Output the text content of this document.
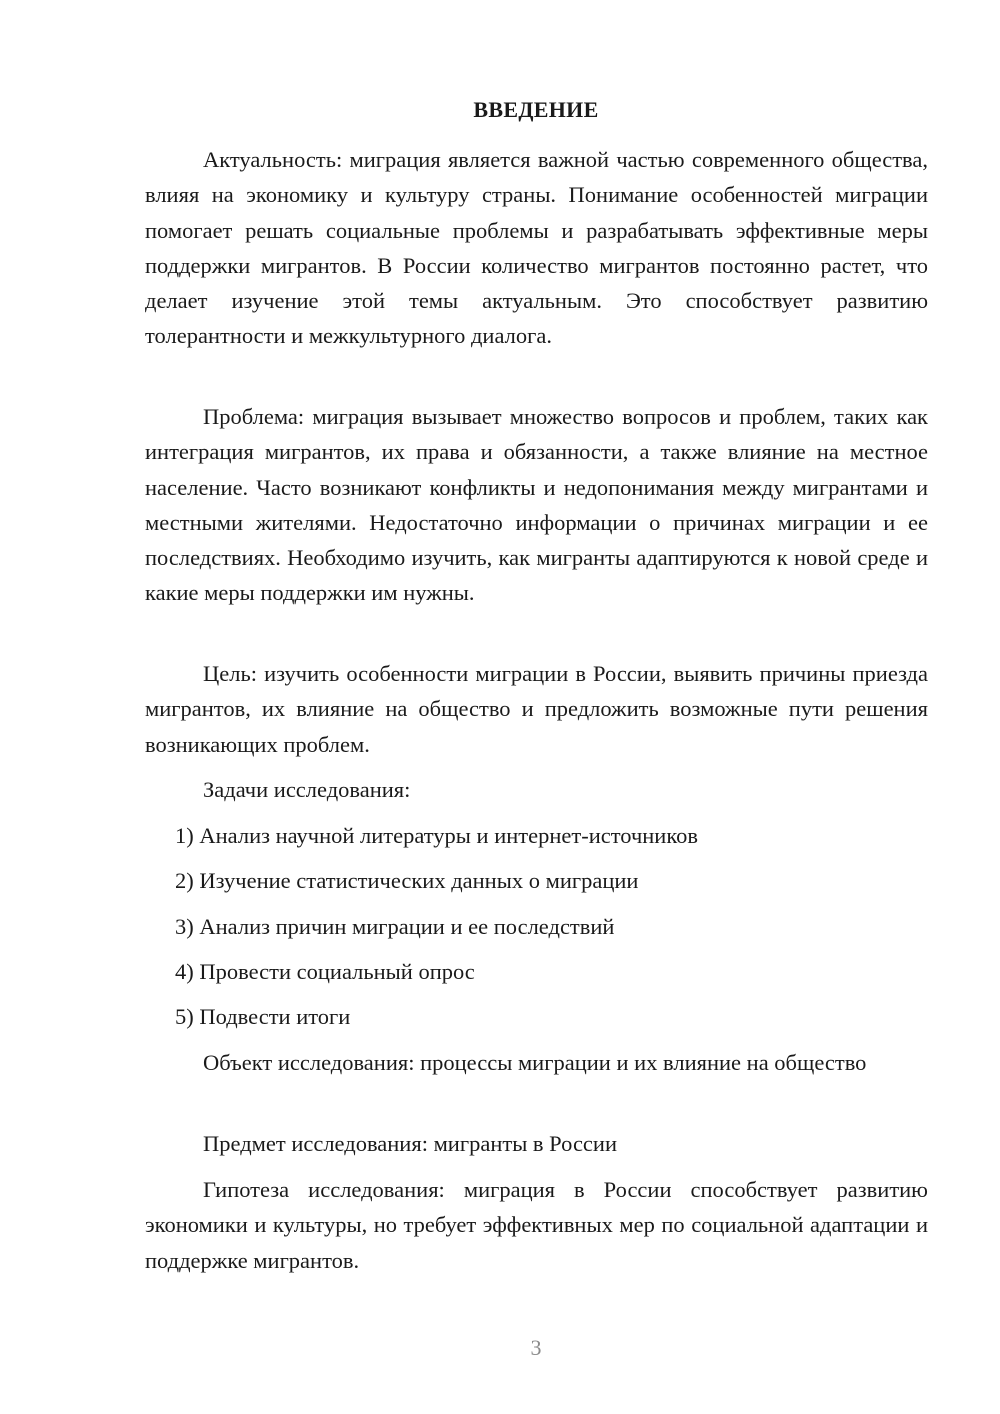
ВВЕДЕНИЕ

Актуальность: миграция является важной частью современного общества, влияя на экономику и культуру страны. Понимание особенностей миграции помогает решать социальные проблемы и разрабатывать эффективные меры поддержки мигрантов. В России количество мигрантов постоянно растет, что делает изучение этой темы актуальным. Это способствует развитию толерантности и межкультурного диалога.

Проблема: миграция вызывает множество вопросов и проблем, таких как интеграция мигрантов, их права и обязанности, а также влияние на местное население. Часто возникают конфликты и недопонимания между мигрантами и местными жителями. Недостаточно информации о причинах миграции и ее последствиях. Необходимо изучить, как мигранты адаптируются к новой среде и какие меры поддержки им нужны.

Цель: изучить особенности миграции в России, выявить причины приезда мигрантов, их влияние на общество и предложить возможные пути решения возникающих проблем.

Задачи исследования:

1) Анализ научной литературы и интернет-источников
2) Изучение статистических данных о миграции
3) Анализ причин миграции и ее последствий
4) Провести социальный опрос
5) Подвести итоги

Объект исследования: процессы миграции и их влияние на общество

Предмет исследования: мигранты в России

Гипотеза исследования: миграция в России способствует развитию экономики и культуры, но требует эффективных мер по социальной адаптации и поддержке мигрантов.

3
